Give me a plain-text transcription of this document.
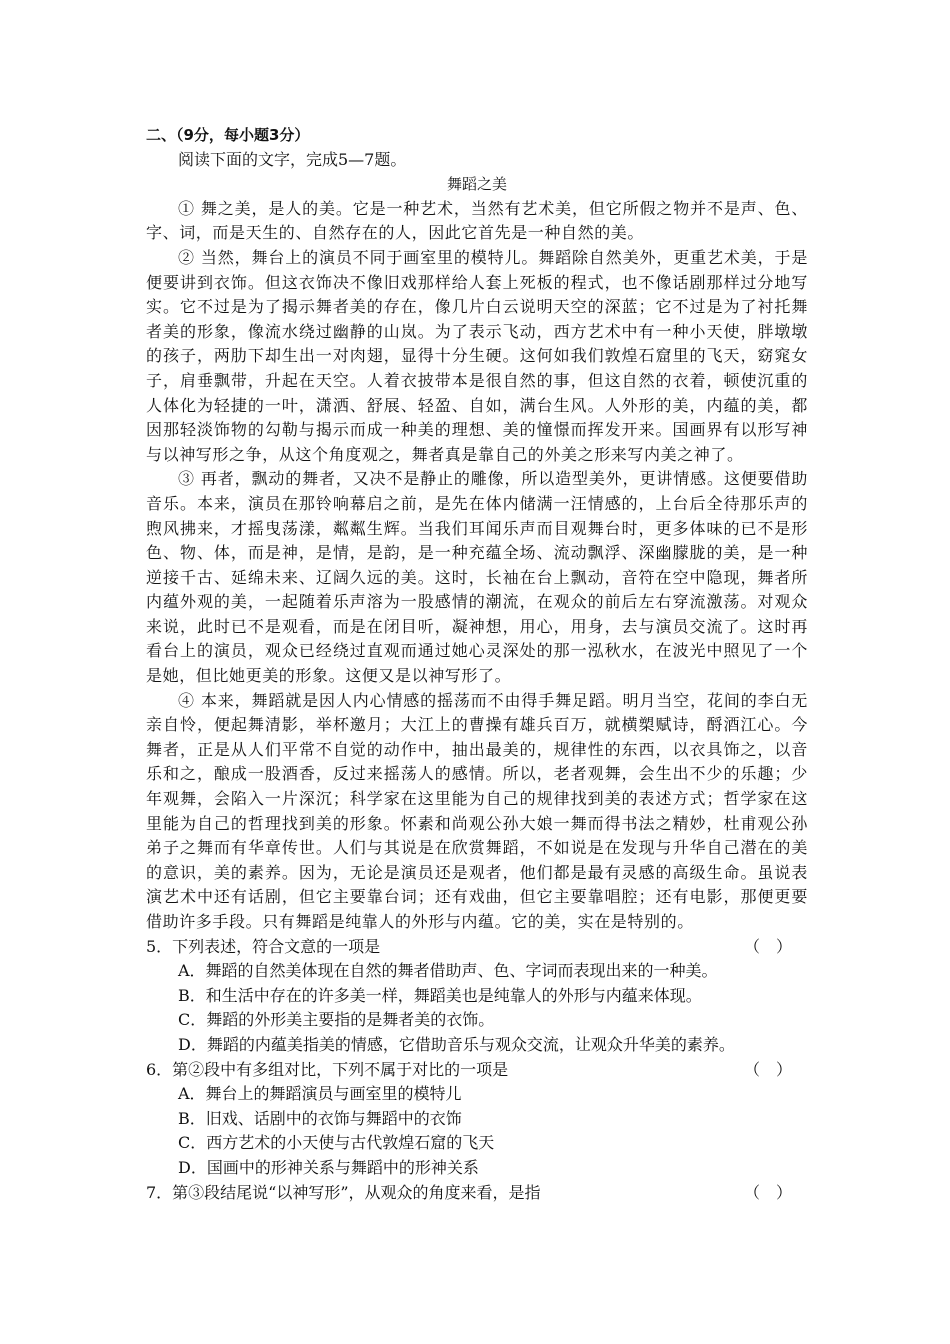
二、（9分，每小题3分）
阅读下面的文字，完成5—7题。
舞蹈之美
① 舞之美，是人的美。它是一种艺术，当然有艺术美，但它所假之物并不是声、色、
字、词，而是天生的、自然存在的人，因此它首先是一种自然的美。
② 当然，舞台上的演员不同于画室里的模特儿。舞蹈除自然美外，更重艺术美，于是
便要讲到衣饰。但这衣饰决不像旧戏那样给人套上死板的程式，也不像话剧那样过分地写
实。它不过是为了揭示舞者美的存在，像几片白云说明天空的深蓝；它不过是为了衬托舞
者美的形象，像流水绕过幽静的山岚。为了表示飞动，西方艺术中有一种小天使，胖墩墩
的孩子，两肋下却生出一对肉翅，显得十分生硬。这何如我们敦煌石窟里的飞天，窈窕女
子，肩垂飘带，升起在天空。人着衣披带本是很自然的事，但这自然的衣着，顿使沉重的
人体化为轻捷的一叶，潇洒、舒展、轻盈、自如，满台生风。人外形的美，内蕴的美，都
因那轻淡饰物的勾勒与揭示而成一种美的理想、美的憧憬而挥发开来。国画界有以形写神
与以神写形之争，从这个角度观之，舞者真是靠自己的外美之形来写内美之神了。
③ 再者，飘动的舞者，又决不是静止的雕像，所以造型美外，更讲情感。这便要借助
音乐。本来，演员在那铃响幕启之前，是先在体内储满一汪情感的，上台后全待那乐声的
煦风拂来，才摇曳荡漾，粼粼生辉。当我们耳闻乐声而目观舞台时，更多体味的已不是形
色、物、体，而是神，是情，是韵，是一种充蕴全场、流动飘浮、深幽朦胧的美，是一种
逆接千古、延绵未来、辽阔久远的美。这时，长袖在台上飘动，音符在空中隐现，舞者所
内蕴外观的美，一起随着乐声溶为一股感情的潮流，在观众的前后左右穿流激荡。对观众
来说，此时已不是观看，而是在闭目听，凝神想，用心，用身，去与演员交流了。这时再
看台上的演员，观众已经绕过直观而通过她心灵深处的那一泓秋水，在波光中照见了一个
是她，但比她更美的形象。这便又是以神写形了。
④ 本来，舞蹈就是因人内心情感的摇荡而不由得手舞足蹈。明月当空，花间的李白无
亲自怜，便起舞清影，举杯邀月；大江上的曹操有雄兵百万，就横槊赋诗，酹酒江心。今
舞者，正是从人们平常不自觉的动作中，抽出最美的，规律性的东西，以衣具饰之，以音
乐和之，酿成一股酒香，反过来摇荡人的感情。所以，老者观舞，会生出不少的乐趣；少
年观舞，会陷入一片深沉；科学家在这里能为自己的规律找到美的表述方式；哲学家在这
里能为自己的哲理找到美的形象。怀素和尚观公孙大娘一舞而得书法之精妙，杜甫观公孙
弟子之舞而有华章传世。人们与其说是在欣赏舞蹈，不如说是在发现与升华自己潜在的美
的意识，美的素养。因为，无论是演员还是观者，他们都是最有灵感的高级生命。虽说表
演艺术中还有话剧，但它主要靠台词；还有戏曲，但它主要靠唱腔；还有电影，那便更要
借助许多手段。只有舞蹈是纯靠人的外形与内蕴。它的美，实在是特别的。
5．下列表述，符合文意的一项是	（　）
A．舞蹈的自然美体现在自然的舞者借助声、色、字词而表现出来的一种美。
B．和生活中存在的许多美一样，舞蹈美也是纯靠人的外形与内蕴来体现。
C．舞蹈的外形美主要指的是舞者美的衣饰。
D．舞蹈的内蕴美指美的情感，它借助音乐与观众交流，让观众升华美的素养。
6．第②段中有多组对比，下列不属于对比的一项是	（　）
A．舞台上的舞蹈演员与画室里的模特儿
B．旧戏、话剧中的衣饰与舞蹈中的衣饰
C．西方艺术的小天使与古代敦煌石窟的飞天
D．国画中的形神关系与舞蹈中的形神关系
7．第③段结尾说“以神写形”，从观众的角度来看，是指	（　）
